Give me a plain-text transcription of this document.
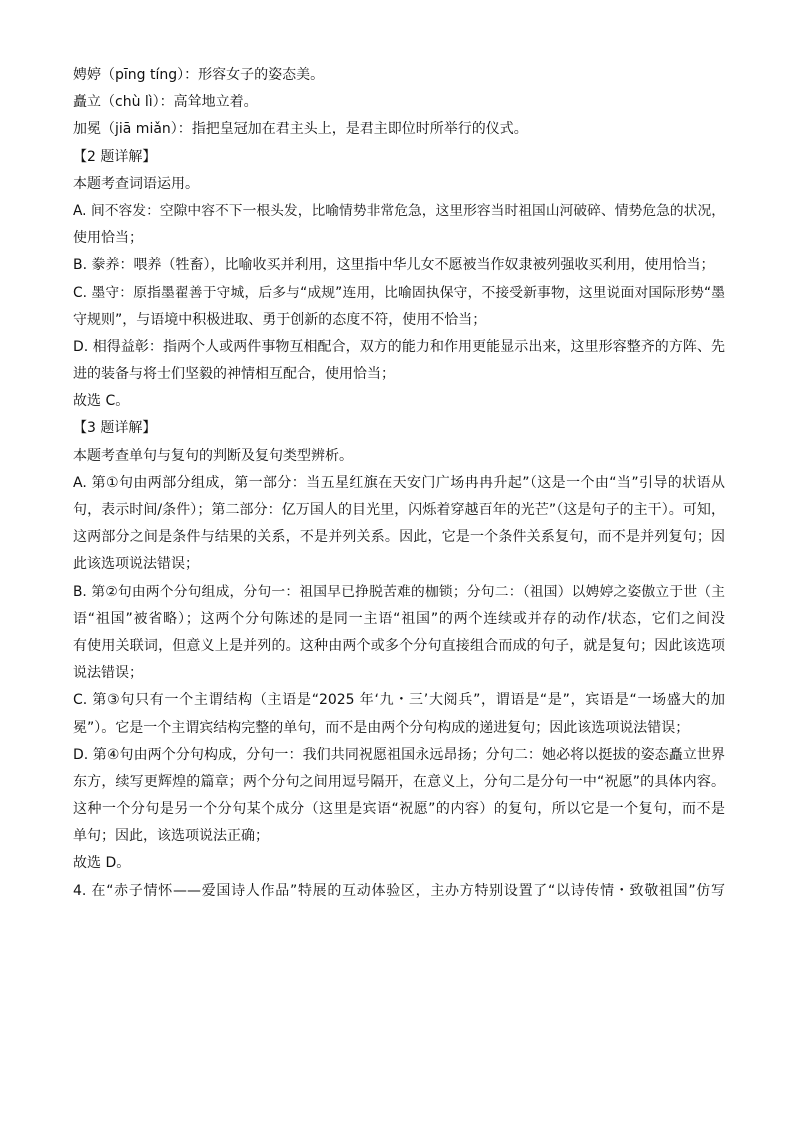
娉婷（pīng tíng）：形容女子的姿态美。
矗立（chù lì）：高耸地立着。
加冕（jiā miǎn）：指把皇冠加在君主头上，是君主即位时所举行的仪式。
【2 题详解】
本题考查词语运用。
A. 间不容发：空隙中容不下一根头发，比喻情势非常危急，这里形容当时祖国山河破碎、情势危急的状况，
使用恰当；
B. 豢养：喂养（牲畜），比喻收买并利用，这里指中华儿女不愿被当作奴隶被列强收买利用，使用恰当；
C. 墨守：原指墨翟善于守城，后多与“成规”连用，比喻固执保守，不接受新事物，这里说面对国际形势“墨
守规则”，与语境中积极进取、勇于创新的态度不符，使用不恰当；
D. 相得益彰：指两个人或两件事物互相配合，双方的能力和作用更能显示出来，这里形容整齐的方阵、先
进的装备与将士们坚毅的神情相互配合，使用恰当；
故选 C。
【3 题详解】
本题考查单句与复句的判断及复句类型辨析。
A. 第①句由两部分组成，第一部分：当五星红旗在天安门广场冉冉升起”（这是一个由“当”引导的状语从
句，表示时间/条件）；第二部分：亿万国人的目光里，闪烁着穿越百年的光芒”（这是句子的主干）。可知，
这两部分之间是条件与结果的关系，不是并列关系。因此，它是一个条件关系复句，而不是并列复句；因
此该选项说法错误；
B. 第②句由两个分句组成，分句一：祖国早已挣脱苦难的枷锁；分句二：（祖国）以娉婷之姿傲立于世（主
语“祖国”被省略）；这两个分句陈述的是同一主语“祖国”的两个连续或并存的动作/状态，它们之间没
有使用关联词，但意义上是并列的。这种由两个或多个分句直接组合而成的句子，就是复句；因此该选项
说法错误；
C. 第③句只有一个主谓结构（主语是“2025 年‘九・三’大阅兵”，谓语是“是”，宾语是“一场盛大的加
冕”）。它是一个主谓宾结构完整的单句，而不是由两个分句构成的递进复句；因此该选项说法错误；
D. 第④句由两个分句构成，分句一：我们共同祝愿祖国永远昂扬；分句二：她必将以挺拔的姿态矗立世界
东方，续写更辉煌的篇章；两个分句之间用逗号隔开，在意义上，分句二是分句一中“祝愿”的具体内容。
这种一个分句是另一个分句某个成分（这里是宾语“祝愿”的内容）的复句，所以它是一个复句，而不是
单句；因此，该选项说法正确；
故选 D。
4. 在“赤子情怀——爱国诗人作品”特展的互动体验区，主办方特别设置了“以诗传情・致敬祖国”仿写
